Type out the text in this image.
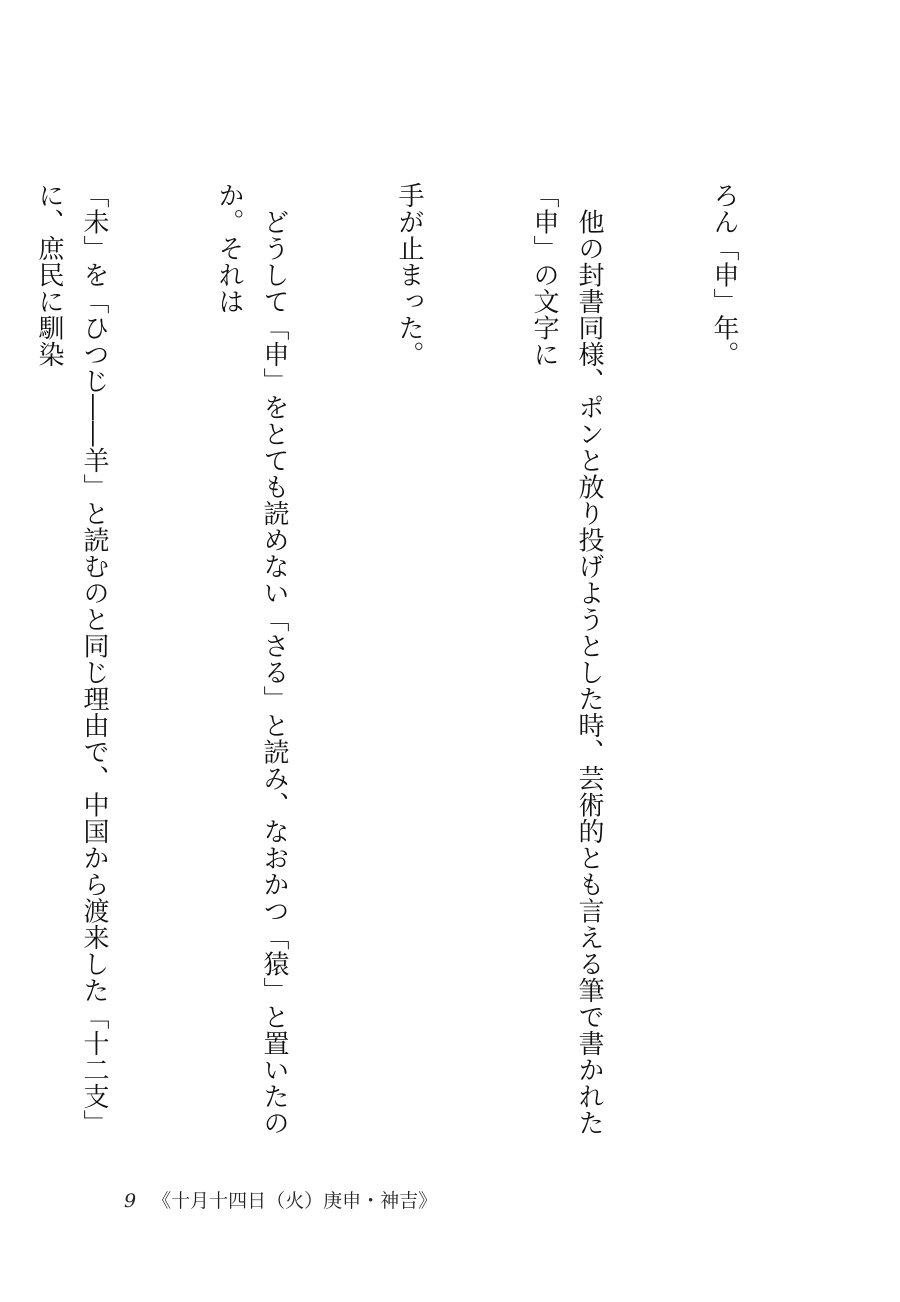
ろん「申」年。

　他の封書同様、ポンと放り投げようとした時、芸術的とも言える筆で書かれた「申」の文字に

手が止まった。

　どうして「申」をとても読めない「さる」と読み、なおかつ「猿」と置いたのか。それは

「未」を「ひつじ――羊」と読むのと同じ理由で、中国から渡来した「十二支」に、庶民に馴染

9 《十月十四日（火）庚申・神吉》
